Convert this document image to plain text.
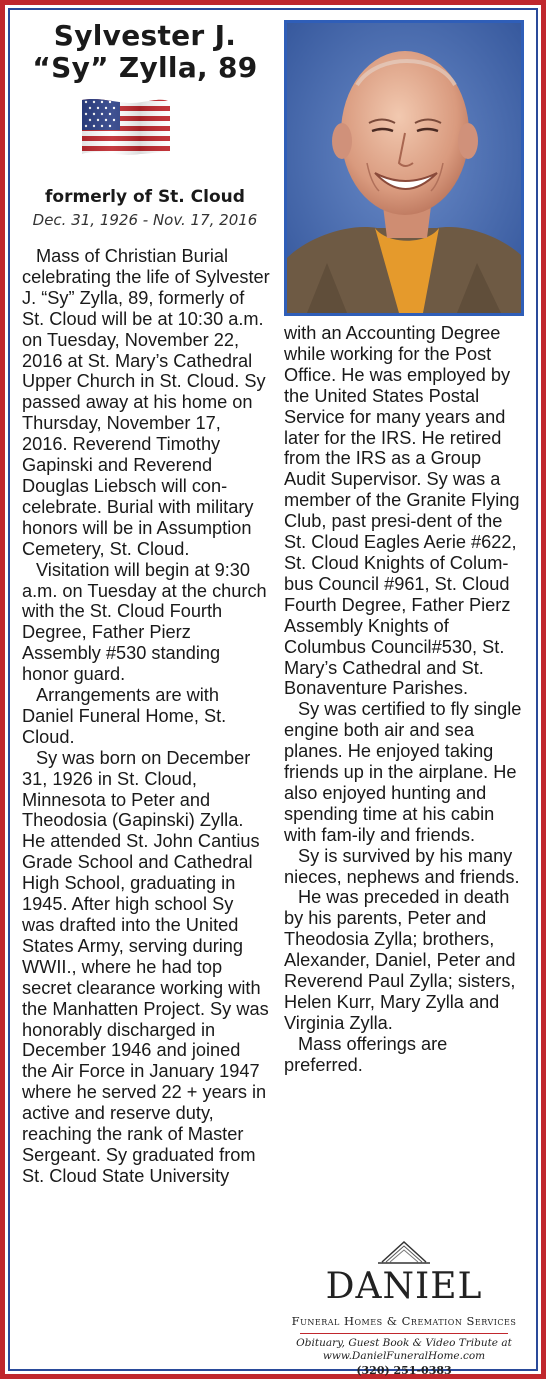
Sylvester J.
“Sy” Zylla, 89
formerly of St. Cloud
Dec. 31, 1926 - Nov. 17, 2016

Mass of Christian Burial celebrating the life of Sylvester J. “Sy” Zylla, 89, formerly of St. Cloud will be at 10:30 a.m. on Tuesday, November 22, 2016 at St. Mary’s Cathedral Upper Church in St. Cloud. Sy passed away at his home on Thursday, November 17, 2016. Reverend Timothy Gapinski and Reverend Douglas Liebsch will con-celebrate. Burial with military honors will be in Assumption Cemetery, St. Cloud.

Visitation will begin at 9:30 a.m. on Tuesday at the church with the St. Cloud Fourth Degree, Father Pierz Assembly #530 standing honor guard.

Arrangements are with Daniel Funeral Home, St. Cloud.

Sy was born on December 31, 1926 in St. Cloud, Minnesota to Peter and Theodosia (Gapinski) Zylla. He attended St. John Cantius Grade School and Cathedral High School, graduating in 1945. After high school Sy was drafted into the United States Army, serving during WWII., where he had top secret clearance working with the Manhatten Project. Sy was honorably discharged in December 1946 and joined the Air Force in January 1947 where he served 22 + years in active and reserve duty, reaching the rank of Master Sergeant. Sy graduated from St. Cloud State University

with an Accounting Degree while working for the Post Office. He was employed by the United States Postal Service for many years and later for the IRS. He retired from the IRS as a Group Audit Supervisor. Sy was a member of the Granite Flying Club, past presi-dent of the St. Cloud Eagles Aerie #622, St. Cloud Knights of Colum-bus Council #961, St. Cloud Fourth Degree, Father Pierz Assembly Knights of Columbus Council#530, St. Mary’s Cathedral and St. Bonaventure Parishes.

Sy was certified to fly single engine both air and sea planes. He enjoyed taking friends up in the airplane. He also enjoyed hunting and spending time at his cabin with fam-ily and friends.

Sy is survived by his many nieces, nephews and friends.

He was preceded in death by his parents, Peter and Theodosia Zylla; brothers, Alexander, Daniel, Peter and Reverend Paul Zylla; sisters, Helen Kurr, Mary Zylla and Virginia Zylla.

Mass offerings are preferred.

DANIEL
Funeral Homes & Cremation Services
Obituary, Guest Book & Video Tribute at
www.DanielFuneralHome.com
(320) 251-0383
